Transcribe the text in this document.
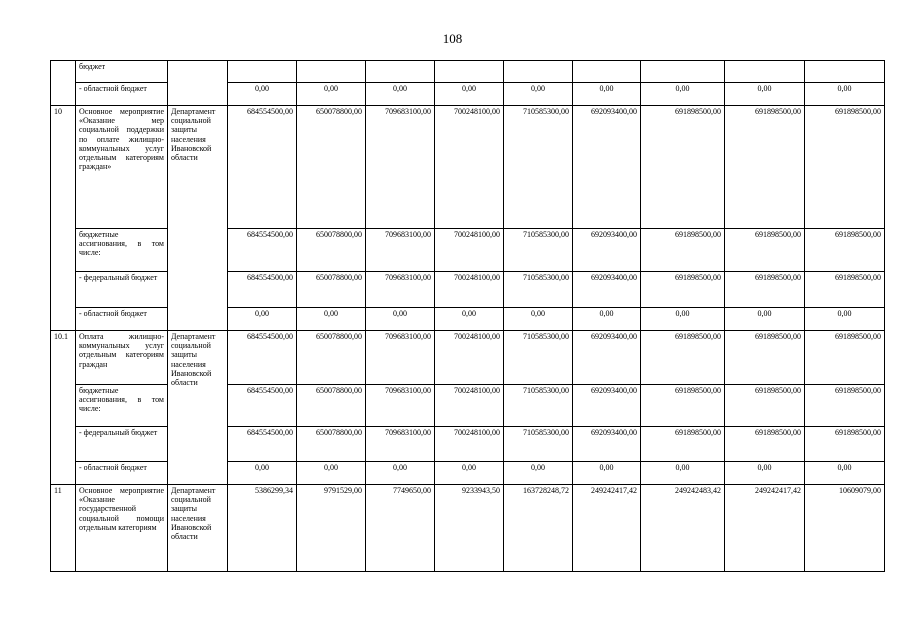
108
	бюджет										
	- областной бюджет		0,00	0,00	0,00	0,00	0,00	0,00	0,00	0,00	0,00
10	Основное мероприятие «Оказание мер социальной поддержки по оплате жилищно-коммунальных услуг отдельным категориям граждан»	Департамент социальной защиты населения Ивановской области	684554500,00	650078800,00	709683100,00	700248100,00	710585300,00	692093400,00	691898500,00	691898500,00	691898500,00
	бюджетные ассигнования, в том числе:		684554500,00	650078800,00	709683100,00	700248100,00	710585300,00	692093400,00	691898500,00	691898500,00	691898500,00
	- федеральный бюджет		684554500,00	650078800,00	709683100,00	700248100,00	710585300,00	692093400,00	691898500,00	691898500,00	691898500,00
	- областной бюджет		0,00	0,00	0,00	0,00	0,00	0,00	0,00	0,00	0,00
10.1	Оплата жилищно-коммунальных услуг отдельным категориям граждан	Департамент социальной защиты населения Ивановской области	684554500,00	650078800,00	709683100,00	700248100,00	710585300,00	692093400,00	691898500,00	691898500,00	691898500,00
	бюджетные ассигнования, в том числе:		684554500,00	650078800,00	709683100,00	700248100,00	710585300,00	692093400,00	691898500,00	691898500,00	691898500,00
	- федеральный бюджет		684554500,00	650078800,00	709683100,00	700248100,00	710585300,00	692093400,00	691898500,00	691898500,00	691898500,00
	- областной бюджет		0,00	0,00	0,00	0,00	0,00	0,00	0,00	0,00	0,00
11	Основное мероприятие «Оказание государственной социальной помощи отдельным категориям	Департамент социальной защиты населения Ивановской области	5386299,34	9791529,00	7749650,00	9233943,50	163728248,72	249242417,42	249242483,42	249242417,42	10609079,00
